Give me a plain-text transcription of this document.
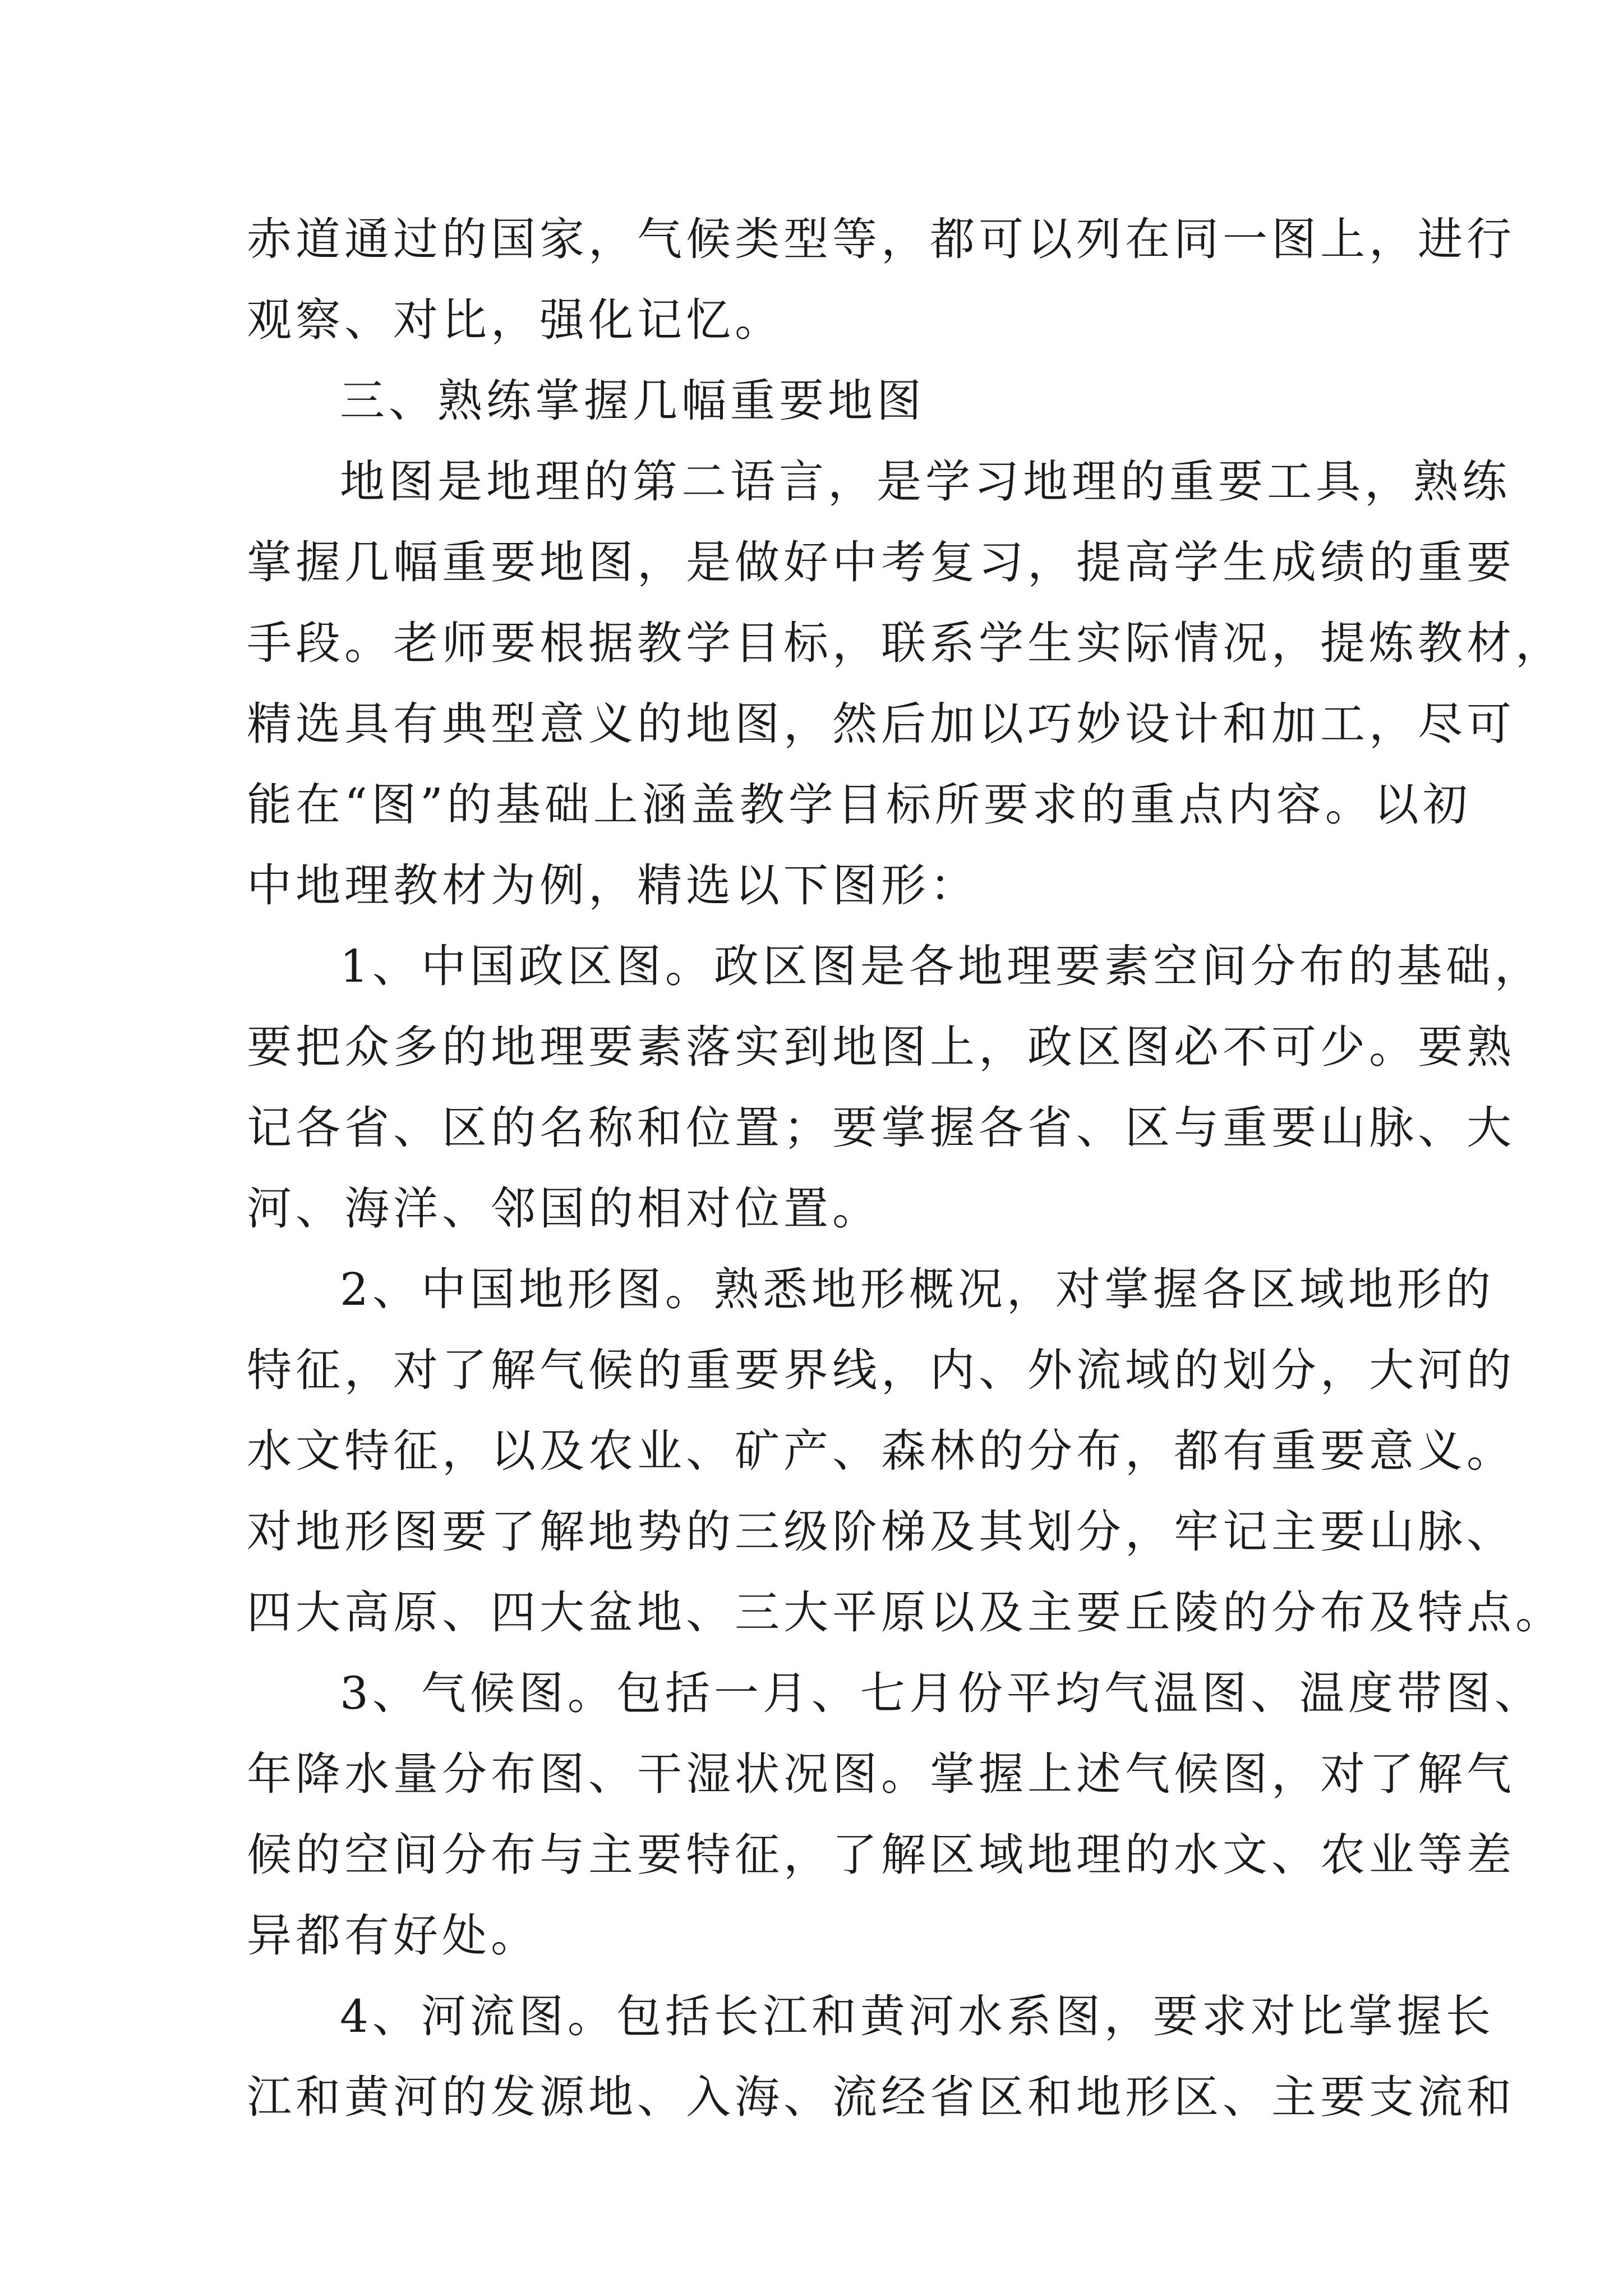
赤道通过的国家，气候类型等，都可以列在同一图上，进行
观察、对比，强化记忆。
三、熟练掌握几幅重要地图
地图是地理的第二语言，是学习地理的重要工具，熟练
掌握几幅重要地图，是做好中考复习，提高学生成绩的重要
手段。老师要根据教学目标，联系学生实际情况，提炼教材，
精选具有典型意义的地图，然后加以巧妙设计和加工，尽可
能在“图”的基础上涵盖教学目标所要求的重点内容。以初
中地理教材为例，精选以下图形：
1、中国政区图。政区图是各地理要素空间分布的基础，
要把众多的地理要素落实到地图上，政区图必不可少。要熟
记各省、区的名称和位置；要掌握各省、区与重要山脉、大
河、海洋、邻国的相对位置。
2、中国地形图。熟悉地形概况，对掌握各区域地形的
特征，对了解气候的重要界线，内、外流域的划分，大河的
水文特征，以及农业、矿产、森林的分布，都有重要意义。
对地形图要了解地势的三级阶梯及其划分，牢记主要山脉、
四大高原、四大盆地、三大平原以及主要丘陵的分布及特点。
3、气候图。包括一月、七月份平均气温图、温度带图、
年降水量分布图、干湿状况图。掌握上述气候图，对了解气
候的空间分布与主要特征，了解区域地理的水文、农业等差
异都有好处。
4、河流图。包括长江和黄河水系图，要求对比掌握长
江和黄河的发源地、入海、流经省区和地形区、主要支流和
